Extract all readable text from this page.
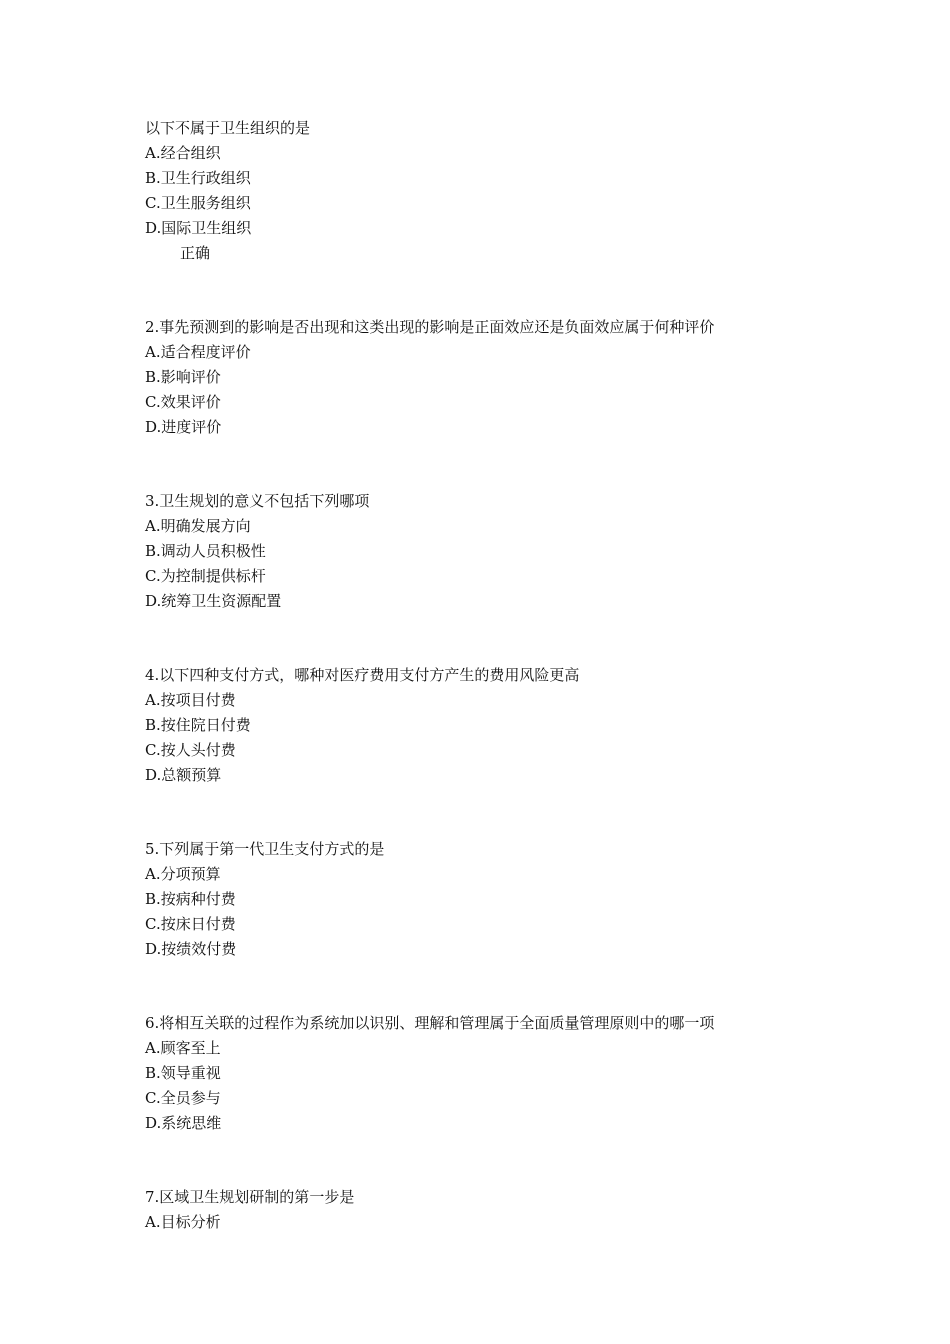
以下不属于卫生组织的是
A.经合组织
B.卫生行政组织
C.卫生服务组织
D.国际卫生组织
正确
2.事先预测到的影响是否出现和这类出现的影响是正面效应还是负面效应属于何种评价
A.适合程度评价
B.影响评价
C.效果评价
D.进度评价
3.卫生规划的意义不包括下列哪项
A.明确发展方向
B.调动人员积极性
C.为控制提供标杆
D.统筹卫生资源配置
4.以下四种支付方式，哪种对医疗费用支付方产生的费用风险更高
A.按项目付费
B.按住院日付费
C.按人头付费
D.总额预算
5.下列属于第一代卫生支付方式的是
A.分项预算
B.按病种付费
C.按床日付费
D.按绩效付费
6.将相互关联的过程作为系统加以识别、理解和管理属于全面质量管理原则中的哪一项
A.顾客至上
B.领导重视
C.全员参与
D.系统思维
7.区域卫生规划研制的第一步是
A.目标分析
